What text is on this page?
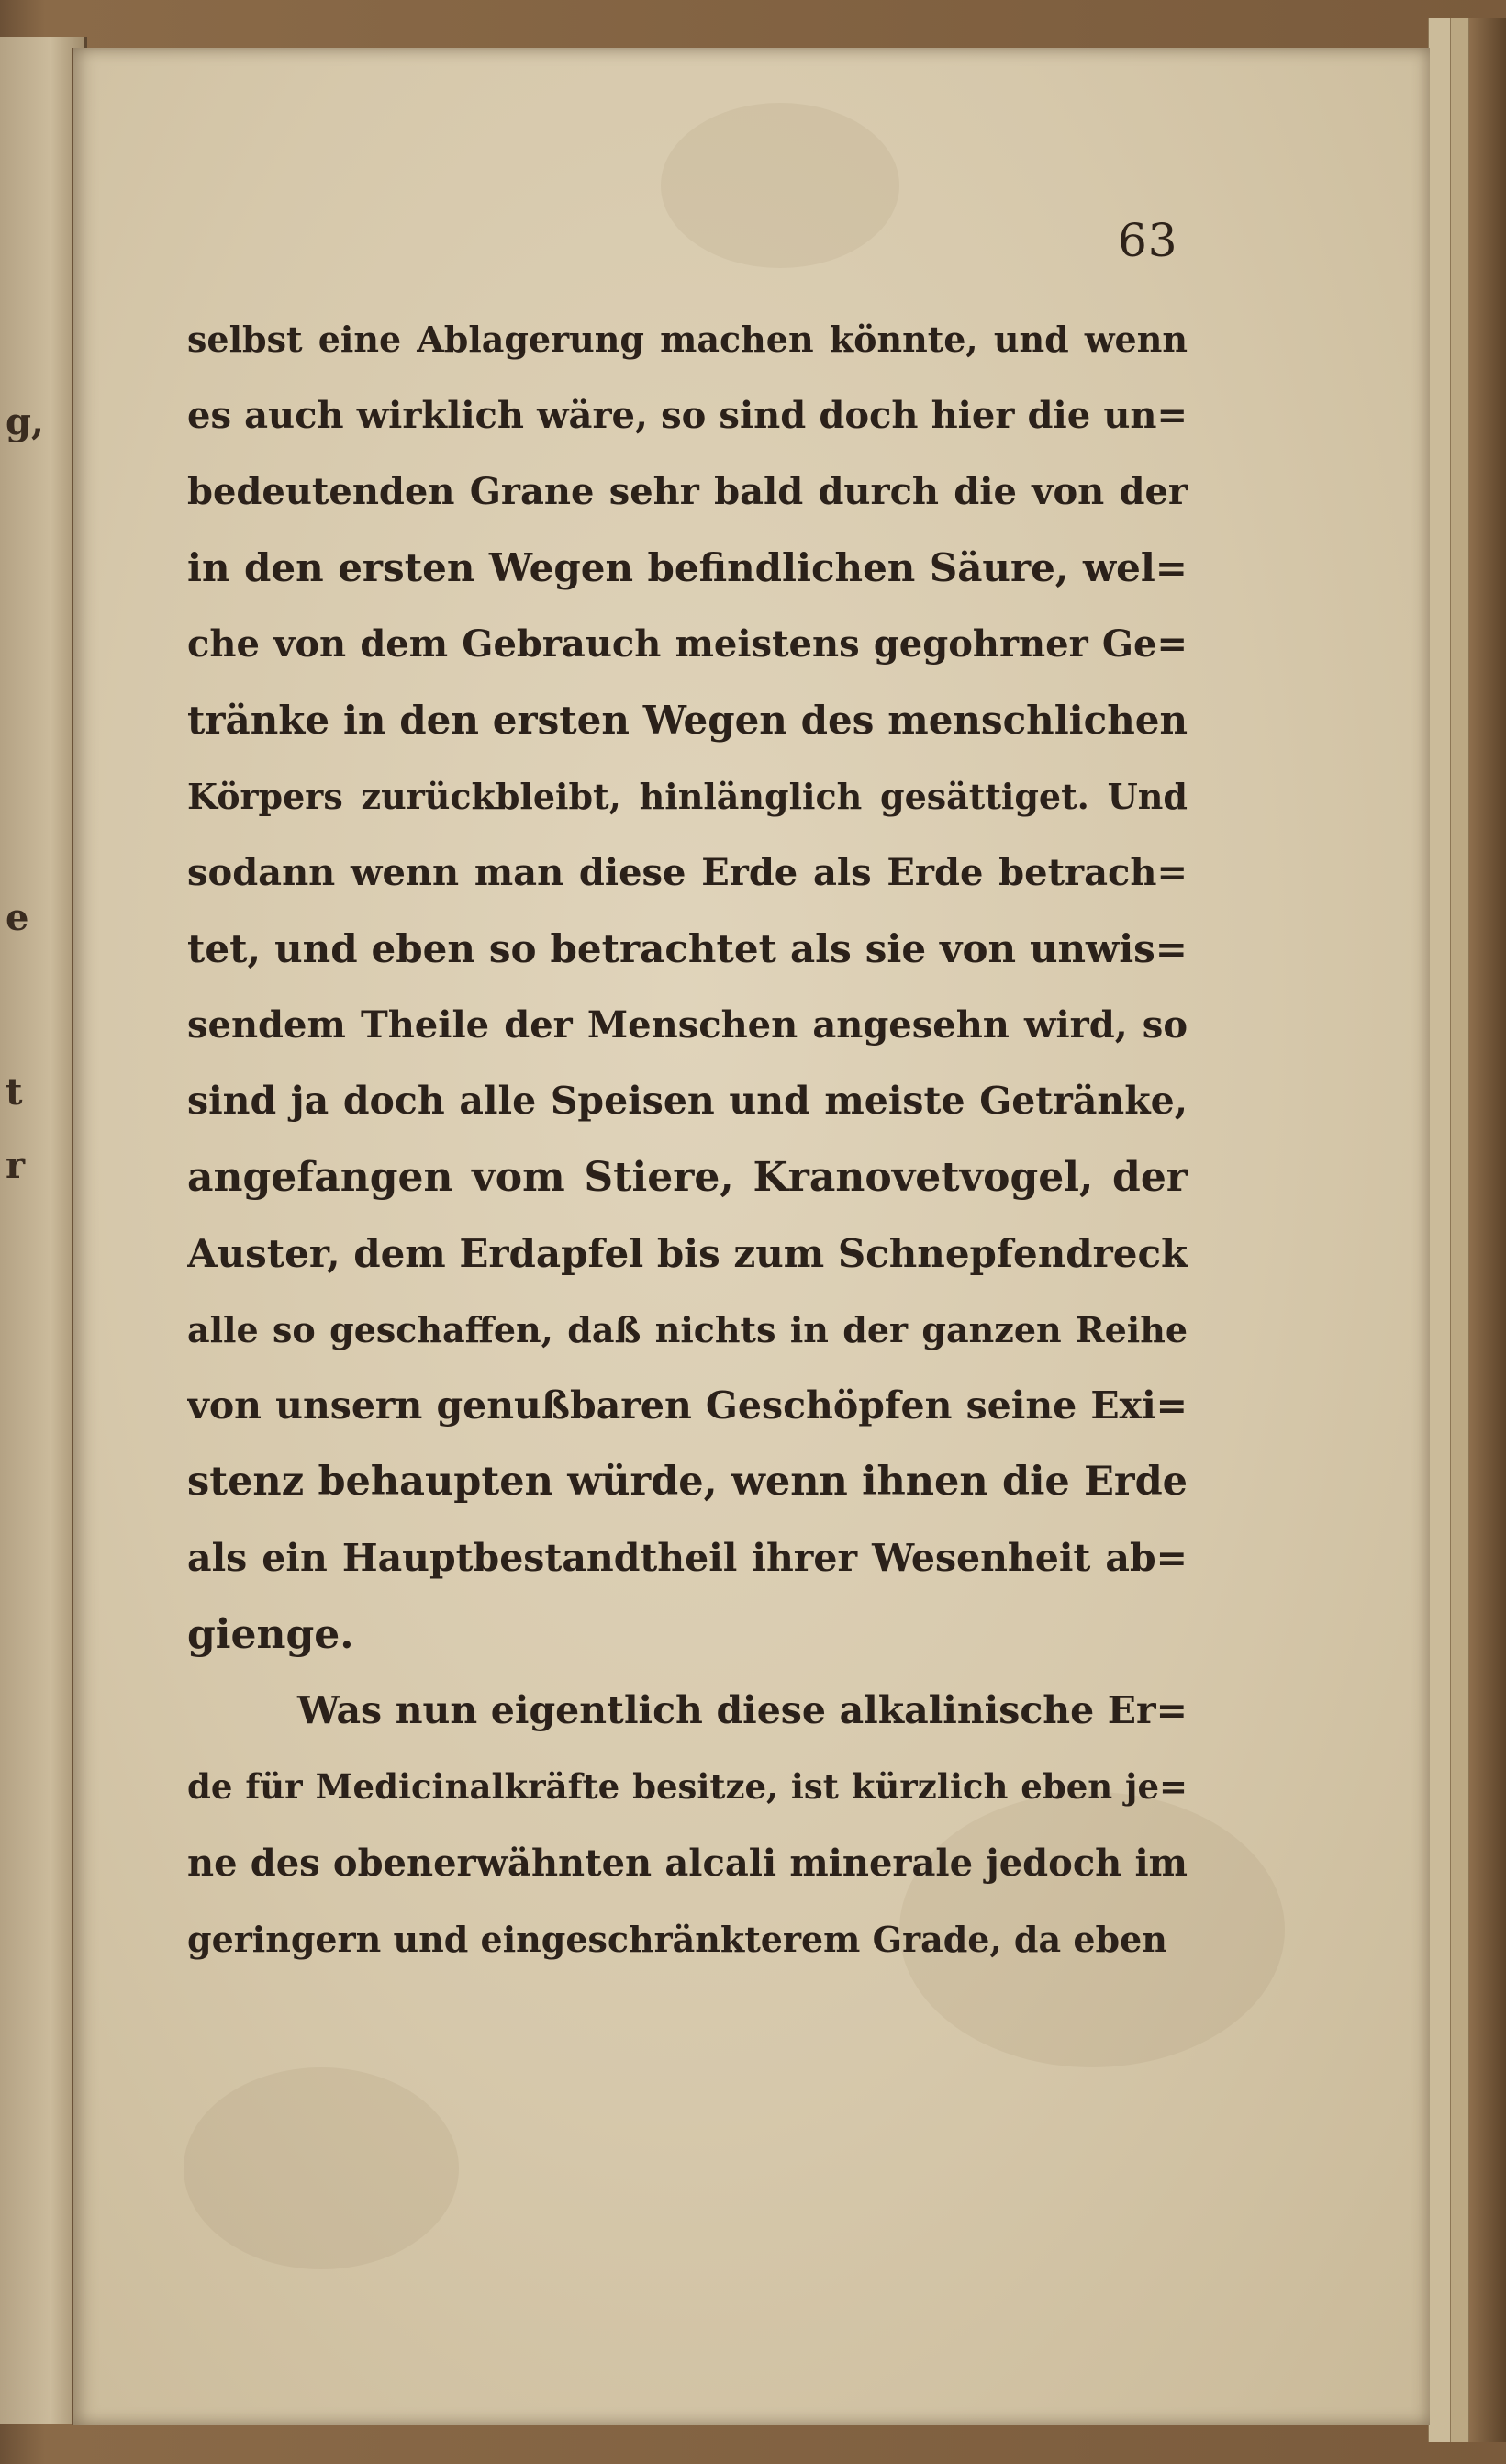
g,
e
t
r
63
selbst eine Ablagerung machen könnte, und wenn
es auch wirklich wäre, so sind doch hier die un=
bedeutenden Grane sehr bald durch die von der
in den ersten Wegen befindlichen Säure, wel=
che von dem Gebrauch meistens gegohrner Ge=
tränke in den ersten Wegen des menschlichen
Körpers zurückbleibt, hinlänglich gesättiget. Und
sodann wenn man diese Erde als Erde betrach=
tet, und eben so betrachtet als sie von unwis=
sendem Theile der Menschen angesehn wird, so
sind ja doch alle Speisen und meiste Getränke,
angefangen vom Stiere, Kranovetvogel, der
Auster, dem Erdapfel bis zum Schnepfendreck
alle so geschaffen, daß nichts in der ganzen Reihe
von unsern genußbaren Geschöpfen seine Exi=
stenz behaupten würde, wenn ihnen die Erde
als ein Hauptbestandtheil ihrer Wesenheit ab=
gienge.
Was nun eigentlich diese alkalinische Er=
de für Medicinalkräfte besitze, ist kürzlich eben je=
ne des obenerwähnten alcali minerale jedoch im
geringern und eingeschränkterem Grade, da eben
